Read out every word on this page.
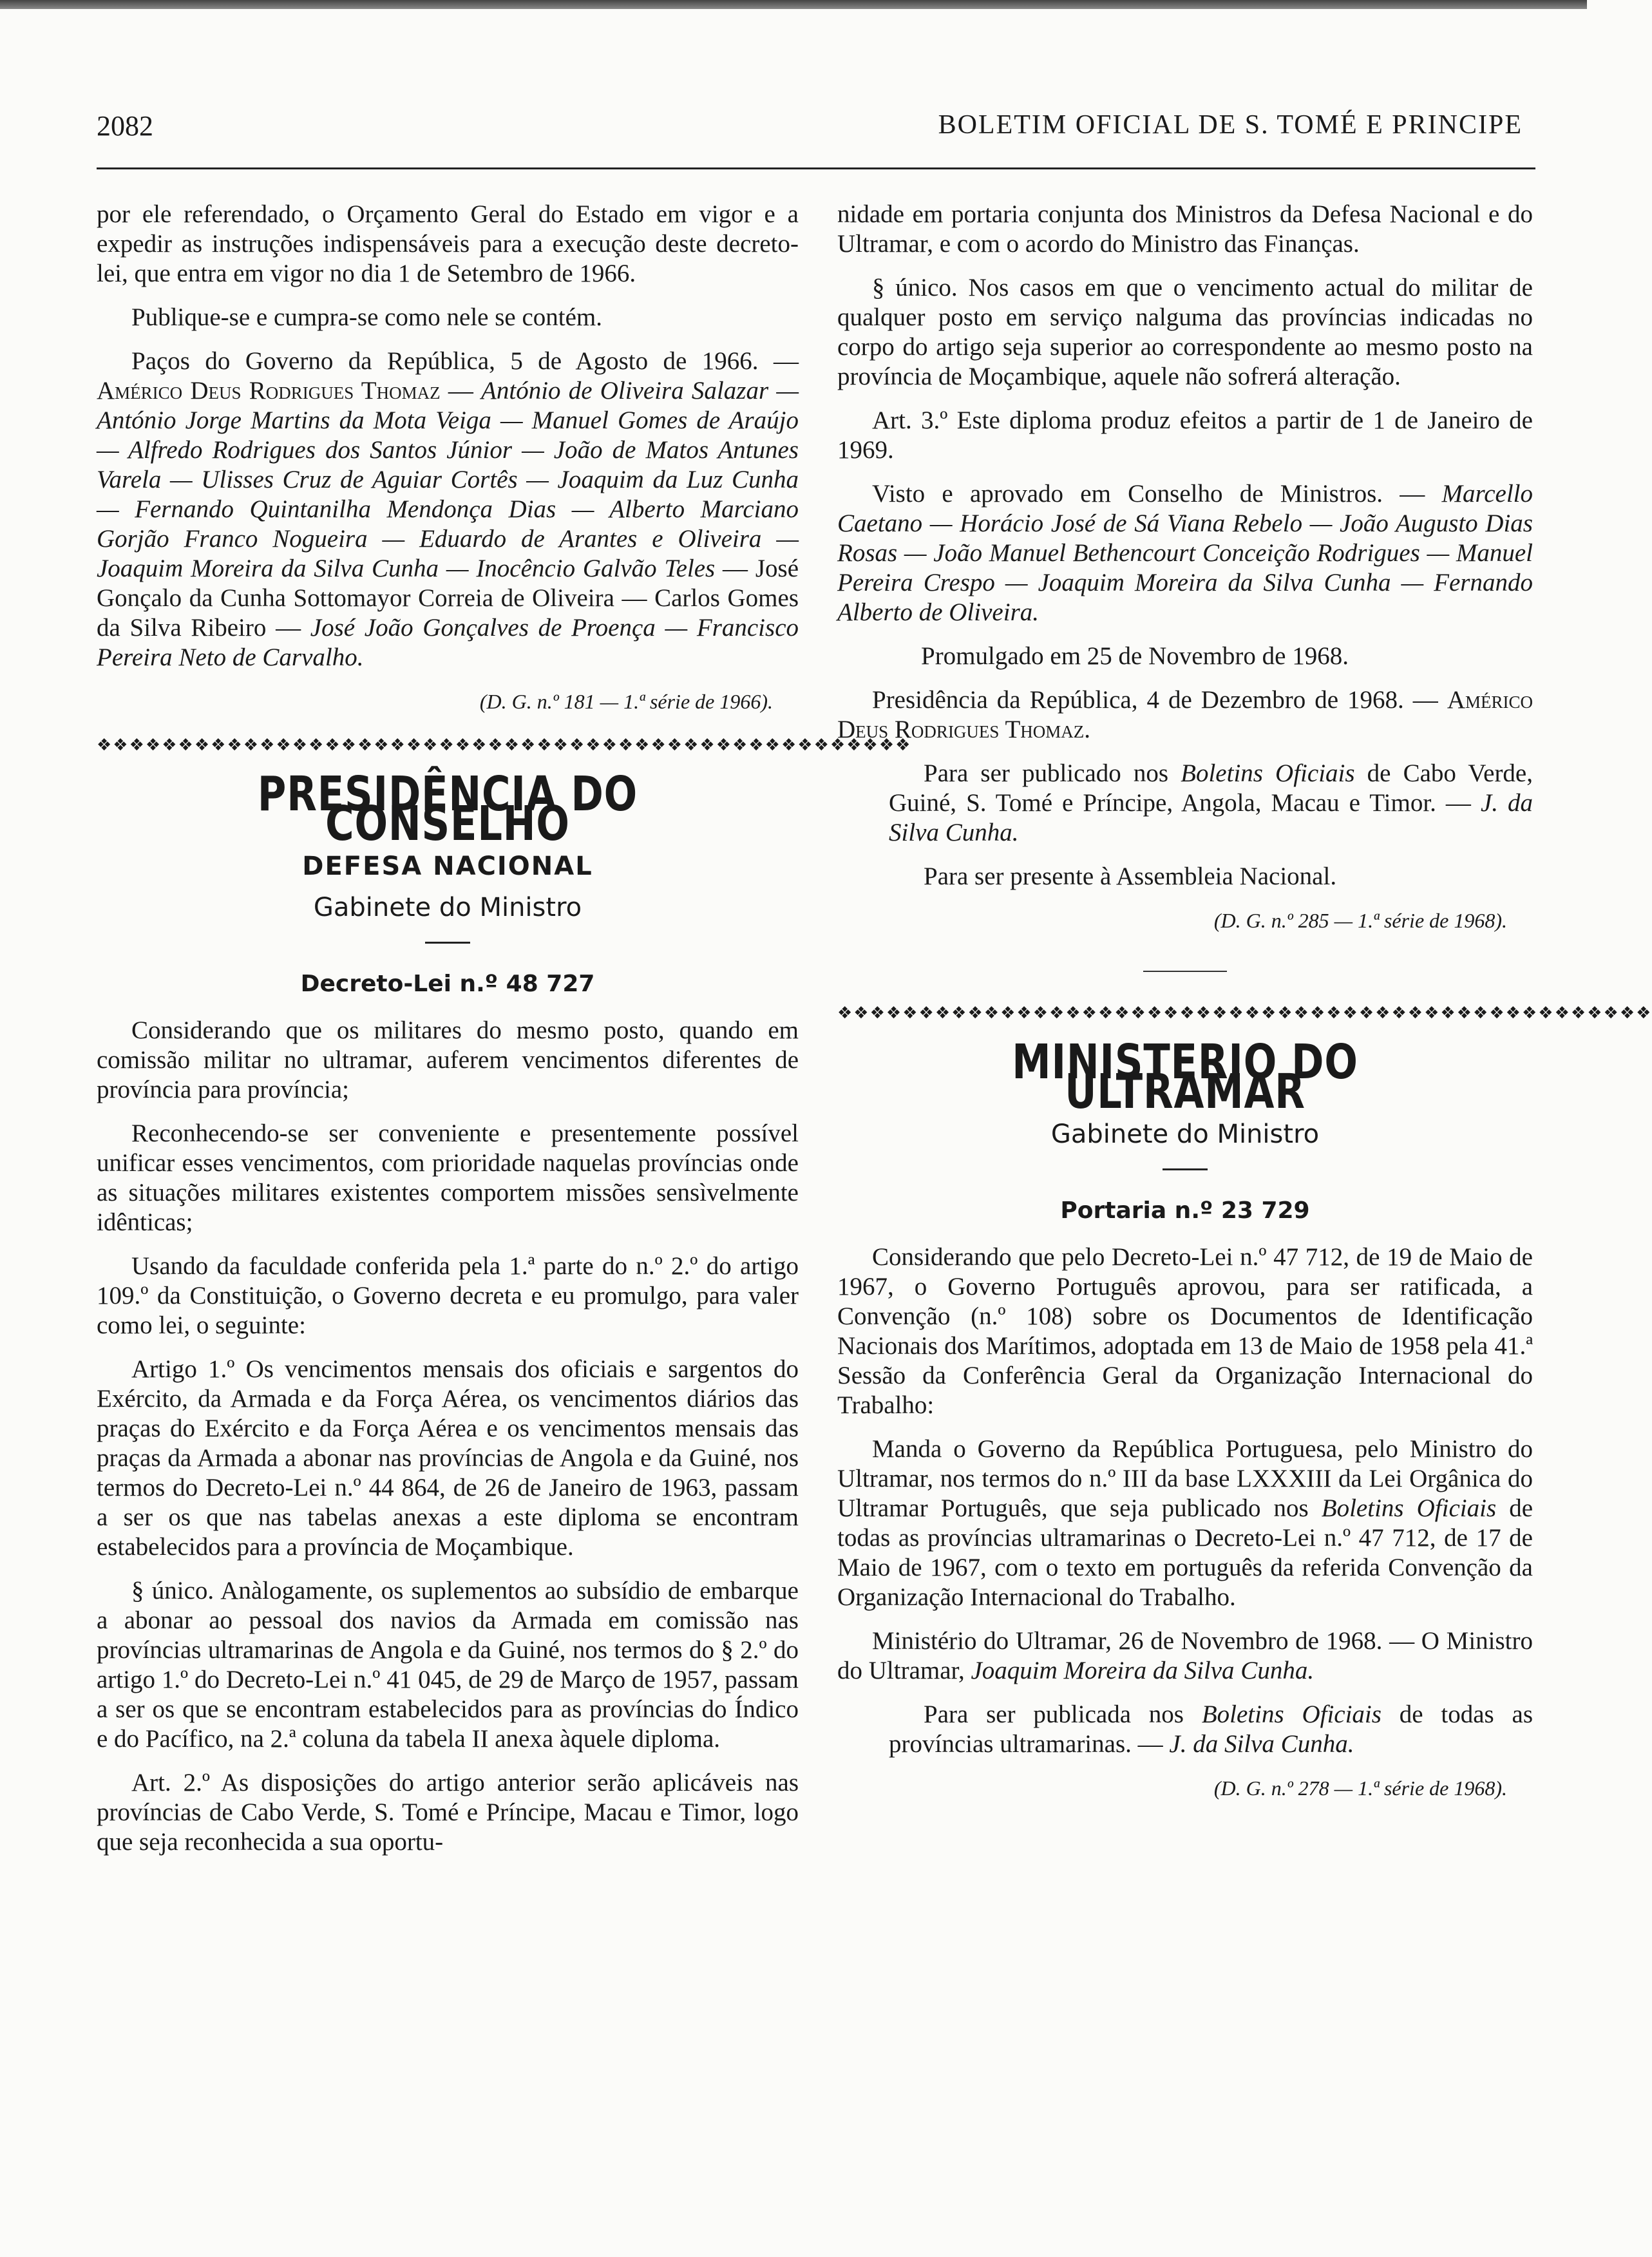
2082	BOLETIM OFICIAL DE S. TOMÉ E PRINCIPE

por ele referendado, o Orçamento Geral do Estado em vigor e a expedir as instruções indispensáveis para a execução deste decreto-lei, que entra em vigor no dia 1 de Setembro de 1966.

Publique-se e cumpra-se como nele se contém.

Paços do Governo da República, 5 de Agosto de 1966. — Américo Deus Rodrigues Thomaz — António de Oliveira Salazar — António Jorge Martins da Mota Veiga — Manuel Gomes de Araújo — Alfredo Rodrigues dos Santos Júnior — João de Matos Antunes Varela — Ulisses Cruz de Aguiar Cortês — Joaquim da Luz Cunha — Fernando Quintanilha Mendonça Dias — Alberto Marciano Gorjão Franco Nogueira — Eduardo de Arantes e Oliveira — Joaquim Moreira da Silva Cunha — Inocêncio Galvão Teles — José Gonçalo da Cunha Sottomayor Correia de Oliveira — Carlos Gomes da Silva Ribeiro — José João Gonçalves de Proença — Francisco Pereira Neto de Carvalho.

(D. G. n.º 181 — 1.ª série de 1966).

❖❖❖❖❖❖❖❖❖❖❖❖❖❖❖❖❖❖❖❖❖❖❖❖❖❖❖❖❖❖❖❖❖❖❖❖❖❖❖❖❖❖❖❖❖❖❖❖❖❖
PRESIDÊNCIA DO CONSELHO
DEFESA NACIONAL
Gabinete do Ministro
Decreto-Lei n.º 48 727

Considerando que os militares do mesmo posto, quando em comissão militar no ultramar, auferem vencimentos diferentes de província para província;

Reconhecendo-se ser conveniente e presentemente possível unificar esses vencimentos, com prioridade naquelas províncias onde as situações militares existentes comportem missões sensìvelmente idênticas;

Usando da faculdade conferida pela 1.ª parte do n.º 2.º do artigo 109.º da Constituição, o Governo decreta e eu promulgo, para valer como lei, o seguinte:

Artigo 1.º Os vencimentos mensais dos oficiais e sargentos do Exército, da Armada e da Força Aérea, os vencimentos diários das praças do Exército e da Força Aérea e os vencimentos mensais das praças da Armada a abonar nas províncias de Angola e da Guiné, nos termos do Decreto-Lei n.º 44 864, de 26 de Janeiro de 1963, passam a ser os que nas tabelas anexas a este diploma se encontram estabelecidos para a província de Moçambique.

§ único. Anàlogamente, os suplementos ao subsídio de embarque a abonar ao pessoal dos navios da Armada em comissão nas províncias ultramarinas de Angola e da Guiné, nos termos do § 2.º do artigo 1.º do Decreto-Lei n.º 41 045, de 29 de Março de 1957, passam a ser os que se encontram estabelecidos para as províncias do Índico e do Pacífico, na 2.ª coluna da tabela II anexa àquele diploma.

Art. 2.º As disposições do artigo anterior serão aplicáveis nas províncias de Cabo Verde, S. Tomé e Príncipe, Macau e Timor, logo que seja reconhecida a sua oportu-

nidade em portaria conjunta dos Ministros da Defesa Nacional e do Ultramar, e com o acordo do Ministro das Finanças.

§ único. Nos casos em que o vencimento actual do militar de qualquer posto em serviço nalguma das províncias indicadas no corpo do artigo seja superior ao correspondente ao mesmo posto na província de Moçambique, aquele não sofrerá alteração.

Art. 3.º Este diploma produz efeitos a partir de 1 de Janeiro de 1969.

Visto e aprovado em Conselho de Ministros. — Marcello Caetano — Horácio José de Sá Viana Rebelo — João Augusto Dias Rosas — João Manuel Bethencourt Conceição Rodrigues — Manuel Pereira Crespo — Joaquim Moreira da Silva Cunha — Fernando Alberto de Oliveira.

Promulgado em 25 de Novembro de 1968.

Presidência da República, 4 de Dezembro de 1968. — Américo Deus Rodrigues Thomaz.

Para ser publicado nos Boletins Oficiais de Cabo Verde, Guiné, S. Tomé e Príncipe, Angola, Macau e Timor. — J. da Silva Cunha.

Para ser presente à Assembleia Nacional.

(D. G. n.º 285 — 1.ª série de 1968).

❖❖❖❖❖❖❖❖❖❖❖❖❖❖❖❖❖❖❖❖❖❖❖❖❖❖❖❖❖❖❖❖❖❖❖❖❖❖❖❖❖❖❖❖❖❖❖❖❖❖
MINISTERIO DO ULTRAMAR
Gabinete do Ministro
Portaria n.º 23 729

Considerando que pelo Decreto-Lei n.º 47 712, de 19 de Maio de 1967, o Governo Português aprovou, para ser ratificada, a Convenção (n.º 108) sobre os Documentos de Identificação Nacionais dos Marítimos, adoptada em 13 de Maio de 1958 pela 41.ª Sessão da Conferência Geral da Organização Internacional do Trabalho:

Manda o Governo da República Portuguesa, pelo Ministro do Ultramar, nos termos do n.º III da base LXXXIII da Lei Orgânica do Ultramar Português, que seja publicado nos Boletins Oficiais de todas as províncias ultramarinas o Decreto-Lei n.º 47 712, de 17 de Maio de 1967, com o texto em português da referida Convenção da Organização Internacional do Trabalho.

Ministério do Ultramar, 26 de Novembro de 1968. — O Ministro do Ultramar, Joaquim Moreira da Silva Cunha.

Para ser publicada nos Boletins Oficiais de todas as províncias ultramarinas. — J. da Silva Cunha.

(D. G. n.º 278 — 1.ª série de 1968).
